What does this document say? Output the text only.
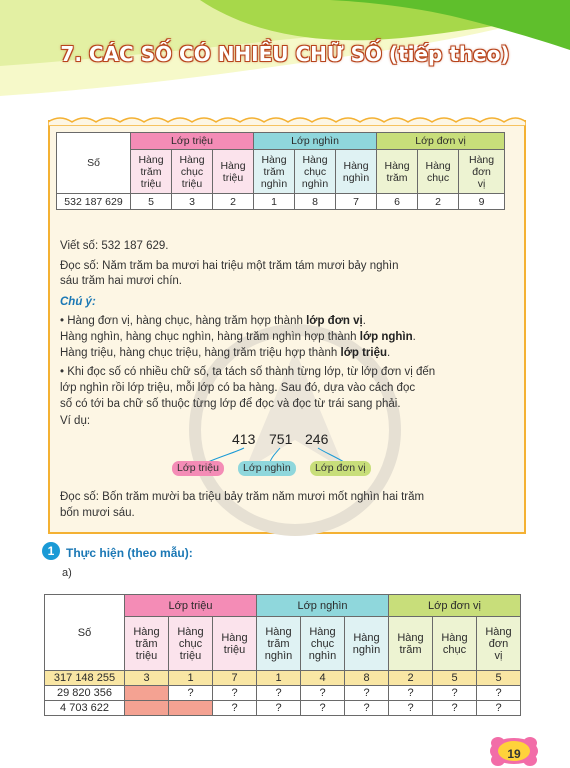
7. CÁC SỐ CÓ NHIỀU CHỮ SỐ (tiếp theo)
Số	Lớp triệu			Lớp nghìn			Lớp đơn vị		
	Hàng
trăm
triệu	Hàng
chục
triệu	Hàng
triệu	Hàng
trăm
nghìn	Hàng
chục
nghìn	Hàng
nghìn	Hàng
trăm	Hàng
chục	Hàng
đơn
vị
532 187 629	5	3	2	1	8	7	6	2	9
Viết số: 532 187 629.
Đọc số: Năm trăm ba mươi hai triệu một trăm tám mươi bảy nghìn
sáu trăm hai mươi chín.
Chú ý:
• Hàng đơn vị, hàng chục, hàng trăm hợp thành lớp đơn vị.
Hàng nghìn, hàng chục nghìn, hàng trăm nghìn hợp thành lớp nghìn.
Hàng triệu, hàng chục triệu, hàng trăm triệu hợp thành lớp triệu.
• Khi đọc số có nhiều chữ số, ta tách số thành từng lớp, từ lớp đơn vị đến
lớp nghìn rồi lớp triệu, mỗi lớp có ba hàng. Sau đó, dựa vào cách đọc
số có tới ba chữ số thuộc từng lớp để đọc và đọc từ trái sang phải.
Ví dụ:
413 751 246
Lớp triệu	Lớp nghìn	Lớp đơn vị
Đọc số: Bốn trăm mười ba triệu bảy trăm năm mươi mốt nghìn hai trăm
bốn mươi sáu.
1 Thực hiện (theo mẫu):
a)
Số	Lớp triệu			Lớp nghìn			Lớp đơn vị		
	Hàng
trăm
triệu	Hàng
chục
triệu	Hàng
triệu	Hàng
trăm
nghìn	Hàng
chục
nghìn	Hàng
nghìn	Hàng
trăm	Hàng
chục	Hàng
đơn
vị
317 148 255	3	1	7	1	4	8	2	5	5
29 820 356		?	?	?	?	?	?	?	?
4 703 622			?	?	?	?	?	?	?
19
